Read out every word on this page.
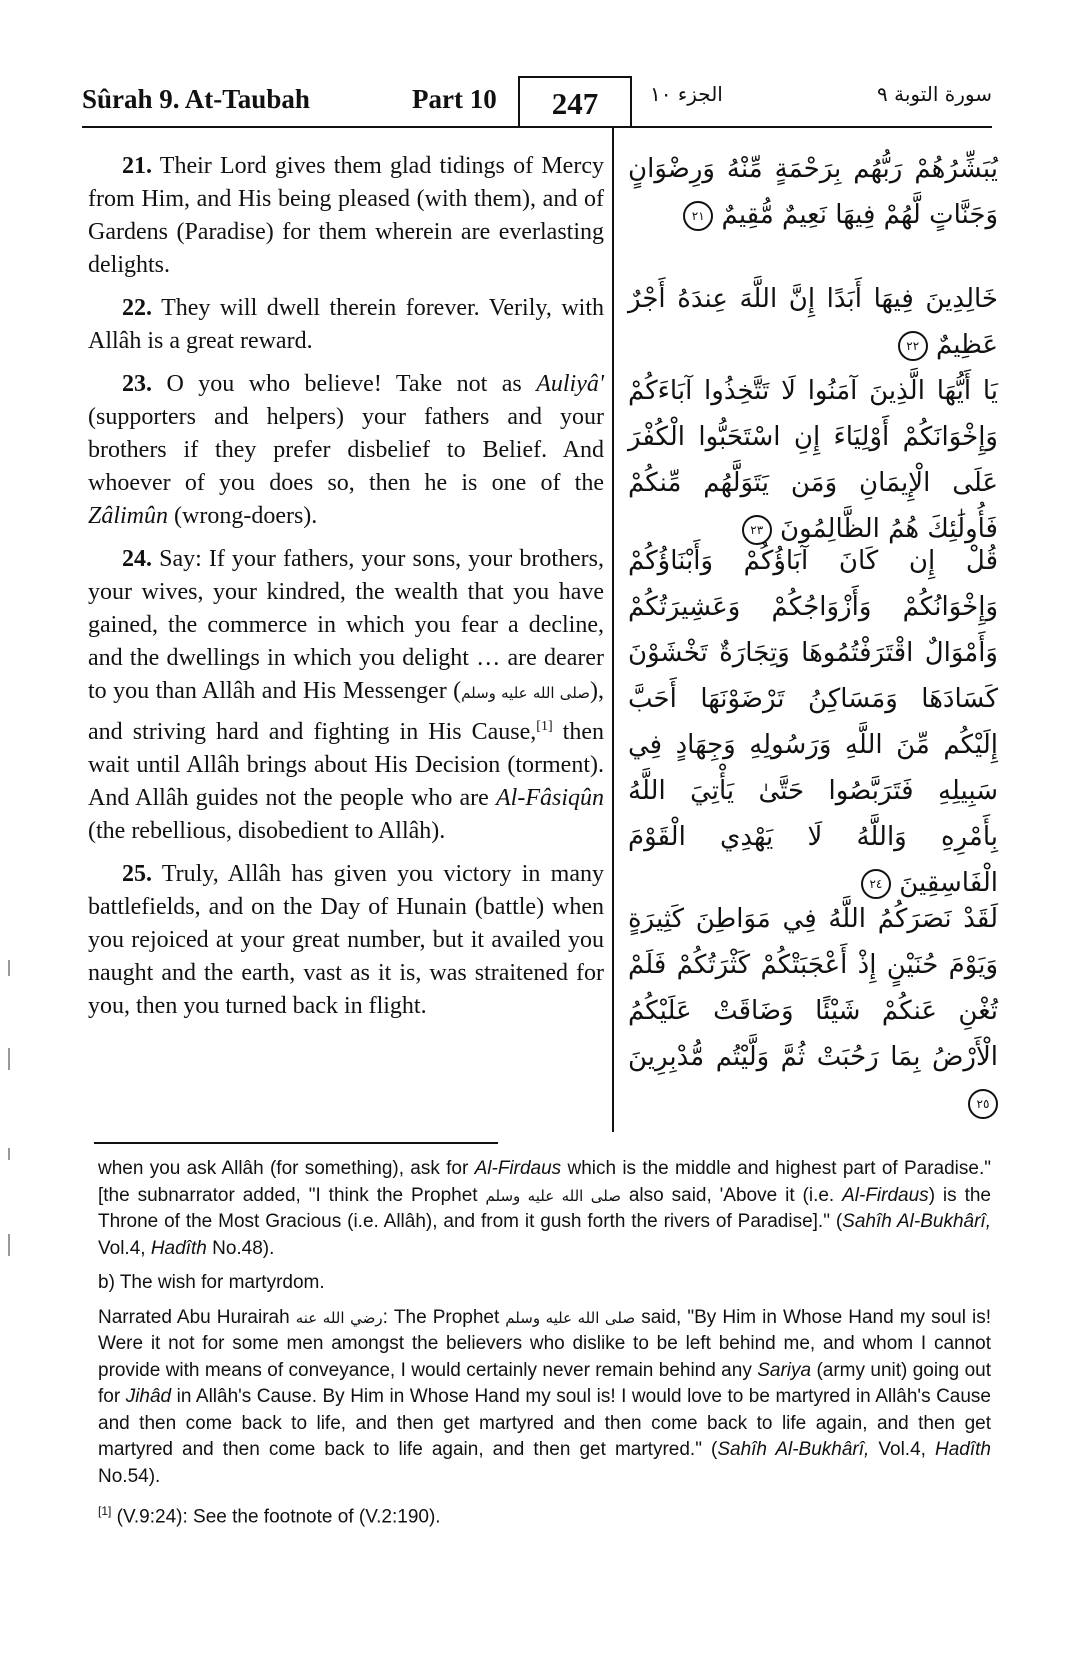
Sûrah 9. At-Taubah	Part 10	247	الجزء ١٠	سورة التوبة ٩

21. Their Lord gives them glad tidings of Mercy from Him, and His being pleased (with them), and of Gardens (Paradise) for them wherein are everlasting delights.

22. They will dwell therein forever. Verily, with Allâh is a great reward.

23. O you who believe! Take not as Auliyâ' (supporters and helpers) your fathers and your brothers if they prefer disbelief to Belief. And whoever of you does so, then he is one of the Zâlimûn (wrong-doers).

24. Say: If your fathers, your sons, your brothers, your wives, your kindred, the wealth that you have gained, the commerce in which you fear a decline, and the dwellings in which you delight … are dearer to you than Allâh and His Messenger (صلى الله عليه وسلم), and striving hard and fighting in His Cause,[1] then wait until Allâh brings about His Decision (torment). And Allâh guides not the people who are Al-Fâsiqûn (the rebellious, disobedient to Allâh).

25. Truly, Allâh has given you victory in many battlefields, and on the Day of Hunain (battle) when you rejoiced at your great number, but it availed you naught and the earth, vast as it is, was straitened for you, then you turned back in flight.

يُبَشِّرُهُمْ رَبُّهُم بِرَحْمَةٍ مِّنْهُ وَرِضْوَانٍ وَجَنَّاتٍ لَّهُمْ فِيهَا نَعِيمٌ مُّقِيمٌ ٢١
خَالِدِينَ فِيهَا أَبَدًا إِنَّ اللَّهَ عِندَهُ أَجْرٌ عَظِيمٌ ٢٢
يَا أَيُّهَا الَّذِينَ آمَنُوا لَا تَتَّخِذُوا آبَاءَكُمْ وَإِخْوَانَكُمْ أَوْلِيَاءَ إِنِ اسْتَحَبُّوا الْكُفْرَ عَلَى الْإِيمَانِ وَمَن يَتَوَلَّهُم مِّنكُمْ فَأُولَٰئِكَ هُمُ الظَّالِمُونَ ٢٣
قُلْ إِن كَانَ آبَاؤُكُمْ وَأَبْنَاؤُكُمْ وَإِخْوَانُكُمْ وَأَزْوَاجُكُمْ وَعَشِيرَتُكُمْ وَأَمْوَالٌ اقْتَرَفْتُمُوهَا وَتِجَارَةٌ تَخْشَوْنَ كَسَادَهَا وَمَسَاكِنُ تَرْضَوْنَهَا أَحَبَّ إِلَيْكُم مِّنَ اللَّهِ وَرَسُولِهِ وَجِهَادٍ فِي سَبِيلِهِ فَتَرَبَّصُوا حَتَّىٰ يَأْتِيَ اللَّهُ بِأَمْرِهِ وَاللَّهُ لَا يَهْدِي الْقَوْمَ الْفَاسِقِينَ ٢٤
لَقَدْ نَصَرَكُمُ اللَّهُ فِي مَوَاطِنَ كَثِيرَةٍ وَيَوْمَ حُنَيْنٍ إِذْ أَعْجَبَتْكُمْ كَثْرَتُكُمْ فَلَمْ تُغْنِ عَنكُمْ شَيْئًا وَضَاقَتْ عَلَيْكُمُ الْأَرْضُ بِمَا رَحُبَتْ ثُمَّ وَلَّيْتُم مُّدْبِرِينَ ٢٥

when you ask Allâh (for something), ask for Al-Firdaus which is the middle and highest part of Paradise." [the subnarrator added, "I think the Prophet صلى الله عليه وسلم also said, 'Above it (i.e. Al-Firdaus) is the Throne of the Most Gracious (i.e. Allâh), and from it gush forth the rivers of Paradise]." (Sahîh Al-Bukhârî, Vol.4, Hadîth No.48).

b) The wish for martyrdom.

Narrated Abu Hurairah رضي الله عنه: The Prophet صلى الله عليه وسلم said, "By Him in Whose Hand my soul is! Were it not for some men amongst the believers who dislike to be left behind me, and whom I cannot provide with means of conveyance, I would certainly never remain behind any Sariya (army unit) going out for Jihâd in Allâh's Cause. By Him in Whose Hand my soul is! I would love to be martyred in Allâh's Cause and then come back to life, and then get martyred and then come back to life again, and then get martyred and then come back to life again, and then get martyred." (Sahîh Al-Bukhârî, Vol.4, Hadîth No.54).

[1] (V.9:24): See the footnote of (V.2:190).
